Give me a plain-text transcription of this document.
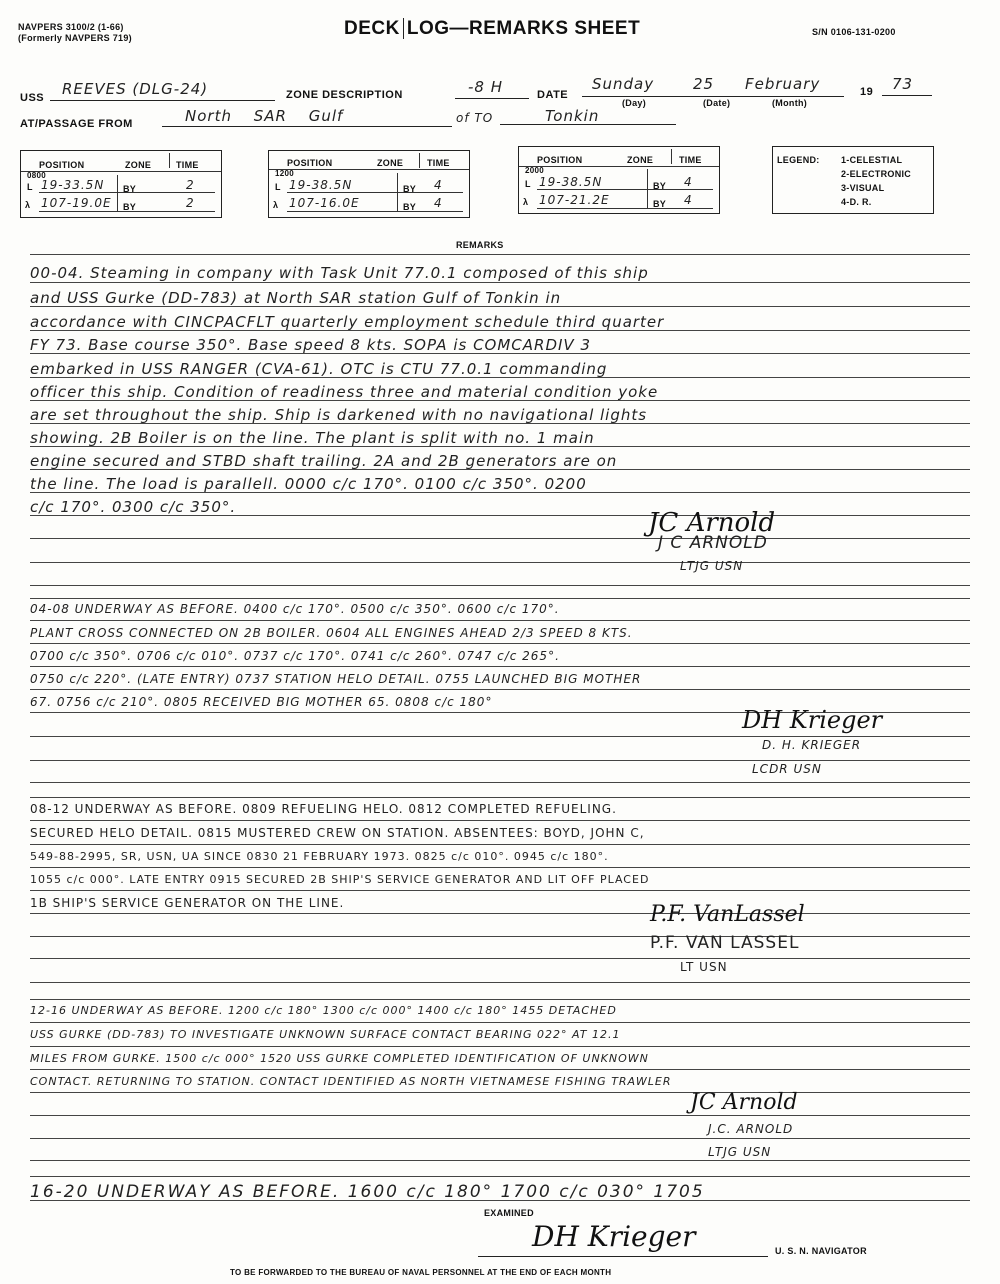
NAVPERS 3100/2 (1-66)
(Formerly NAVPERS 719)	DECK LOG—REMARKS SHEET	S/N 0106-131-0200
USS REEVES (DLG-24)	ZONE DESCRIPTION	-8 H	DATE
Sunday	25 February	19 73
(Day)	(Date)	(Month)
AT/PASSAGE FROM	North SAR Gulf	of TO	Tonkin
POSITION	ZONE	TIME
0800
L 19-33.5N BY	2
λ 107-19.0E BY	2
POSITION	ZONE	TIME
1200
L 19-38.5N	BY 4
λ 107-16.0E	BY 4
POSITION	ZONE	TIME
2000
L 19-38.5N	BY 4
λ 107-21.2E	BY 4
LEGEND: 1-CELESTIAL
2-ELECTRONIC
3-VISUAL
4-D. R.
REMARKS
00-04. Steaming in company with Task Unit 77.0.1 composed of this ship
and USS Gurke (DD-783) at North SAR station Gulf of Tonkin in
accordance with CINCPACFLT quarterly employment schedule third quarter
FY 73. Base course 350°. Base speed 8 kts. SOPA is COMCARDIV 3
embarked in USS RANGER (CVA-61). OTC is CTU 77.0.1 commanding
officer this ship. Condition of readiness three and material condition yoke
are set throughout the ship. Ship is darkened with no navigational lights
showing. 2B Boiler is on the line. The plant is split with no. 1 main
engine secured and STBD shaft trailing. 2A and 2B generators are on
the line. The load is parallell. 0000 c/c 170°. 0100 c/c 350°. 0200
c/c 170°. 0300 c/c 350°.
JC Arnold
J C ARNOLD
LTJG USN
04-08 UNDERWAY AS BEFORE. 0400 c/c 170°. 0500 c/c 350°. 0600 c/c 170°.
PLANT CROSS CONNECTED ON 2B BOILER. 0604 ALL ENGINES AHEAD 2/3 SPEED 8 KTS.
0700 c/c 350°. 0706 c/c 010°. 0737 c/c 170°. 0741 c/c 260°. 0747 c/c 265°.
0750 c/c 220°. (LATE ENTRY) 0737 STATION HELO DETAIL. 0755 LAUNCHED BIG MOTHER
67. 0756 c/c 210°. 0805 RECEIVED BIG MOTHER 65. 0808 c/c 180°
DH Krieger
D. H. KRIEGER
LCDR USN
08-12 UNDERWAY AS BEFORE. 0809 REFUELING HELO. 0812 COMPLETED REFUELING.
SECURED HELO DETAIL. 0815 MUSTERED CREW ON STATION. ABSENTEES: BOYD, JOHN C,
549-88-2995, SR, USN, UA SINCE 0830 21 FEBRUARY 1973. 0825 c/c 010°. 0945 c/c 180°.
1055 c/c 000°. LATE ENTRY 0915 SECURED 2B SHIP'S SERVICE GENERATOR AND LIT OFF PLACED
1B SHIP'S SERVICE GENERATOR ON THE LINE.	P.F. VanLassel
P.F. VAN LASSEL
LT USN
12-16 UNDERWAY AS BEFORE. 1200 c/c 180° 1300 c/c 000° 1400 c/c 180° 1455 DETACHED
USS GURKE (DD-783) TO INVESTIGATE UNKNOWN SURFACE CONTACT BEARING 022° AT 12.1
MILES FROM GURKE. 1500 c/c 000° 1520 USS GURKE COMPLETED IDENTIFICATION OF UNKNOWN
CONTACT. RETURNING TO STATION. CONTACT IDENTIFIED AS NORTH VIETNAMESE FISHING TRAWLER
JC Arnold
J.C. ARNOLD
LTJG USN
16-20 UNDERWAY AS BEFORE. 1600 c/c 180° 1700 c/c 030° 1705
EXAMINED
DH Krieger	U. S. N. NAVIGATOR
TO BE FORWARDED TO THE BUREAU OF NAVAL PERSONNEL AT THE END OF EACH MONTH
